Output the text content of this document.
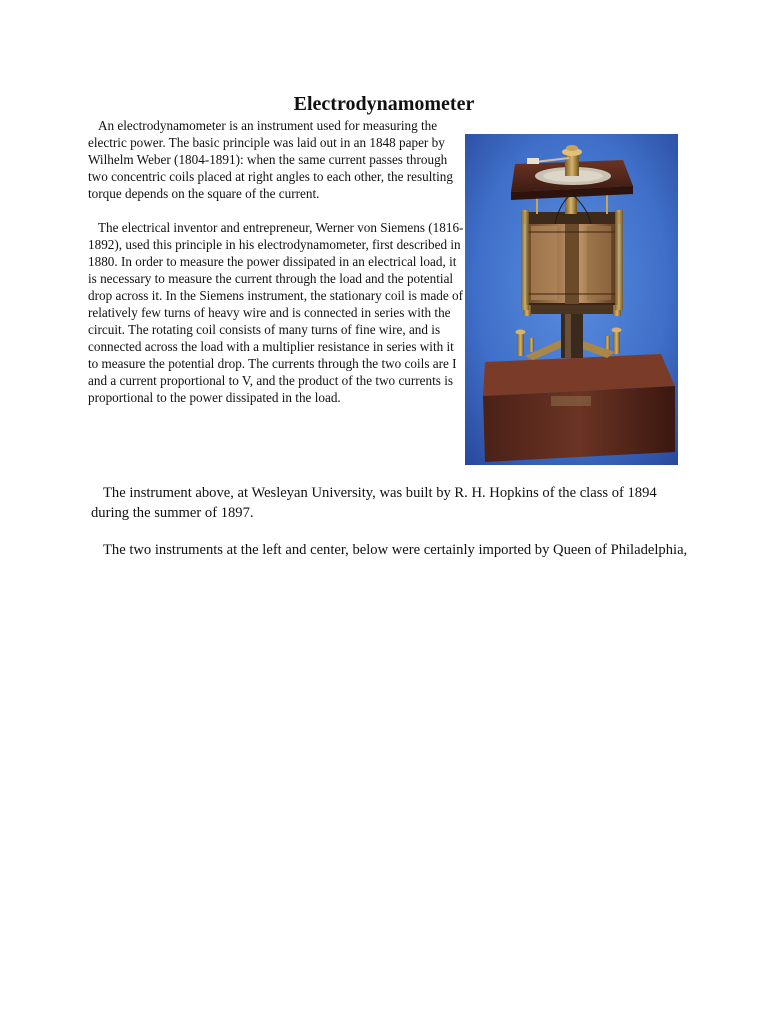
Electrodynamometer

An electrodynamometer is an instrument used for measuring the electric power. The basic principle was laid out in an 1848 paper by Wilhelm Weber (1804-1891): when the same current passes through two concentric coils placed at right angles to each other, the resulting torque depends on the square of the current.

The electrical inventor and entrepreneur, Werner von Siemens (1816-1892), used this principle in his electrodynamometer, first described in 1880. In order to measure the power dissipated in an electrical load, it is necessary to measure the current through the load and the potential drop across it. In the Siemens instrument, the stationary coil is made of relatively few turns of heavy wire and is connected in series with the circuit. The rotating coil consists of many turns of fine wire, and is connected across the load with a multiplier resistance in series with it to measure the potential drop. The currents through the two coils are I and a current proportional to V, and the product of the two currents is proportional to the power dissipated in the load.

The instrument above, at Wesleyan University, was built by R. H. Hopkins of the class of 1894 during the summer of 1897.
The two instruments at the left and center, below were certainly imported by Queen of Philadelphia,
